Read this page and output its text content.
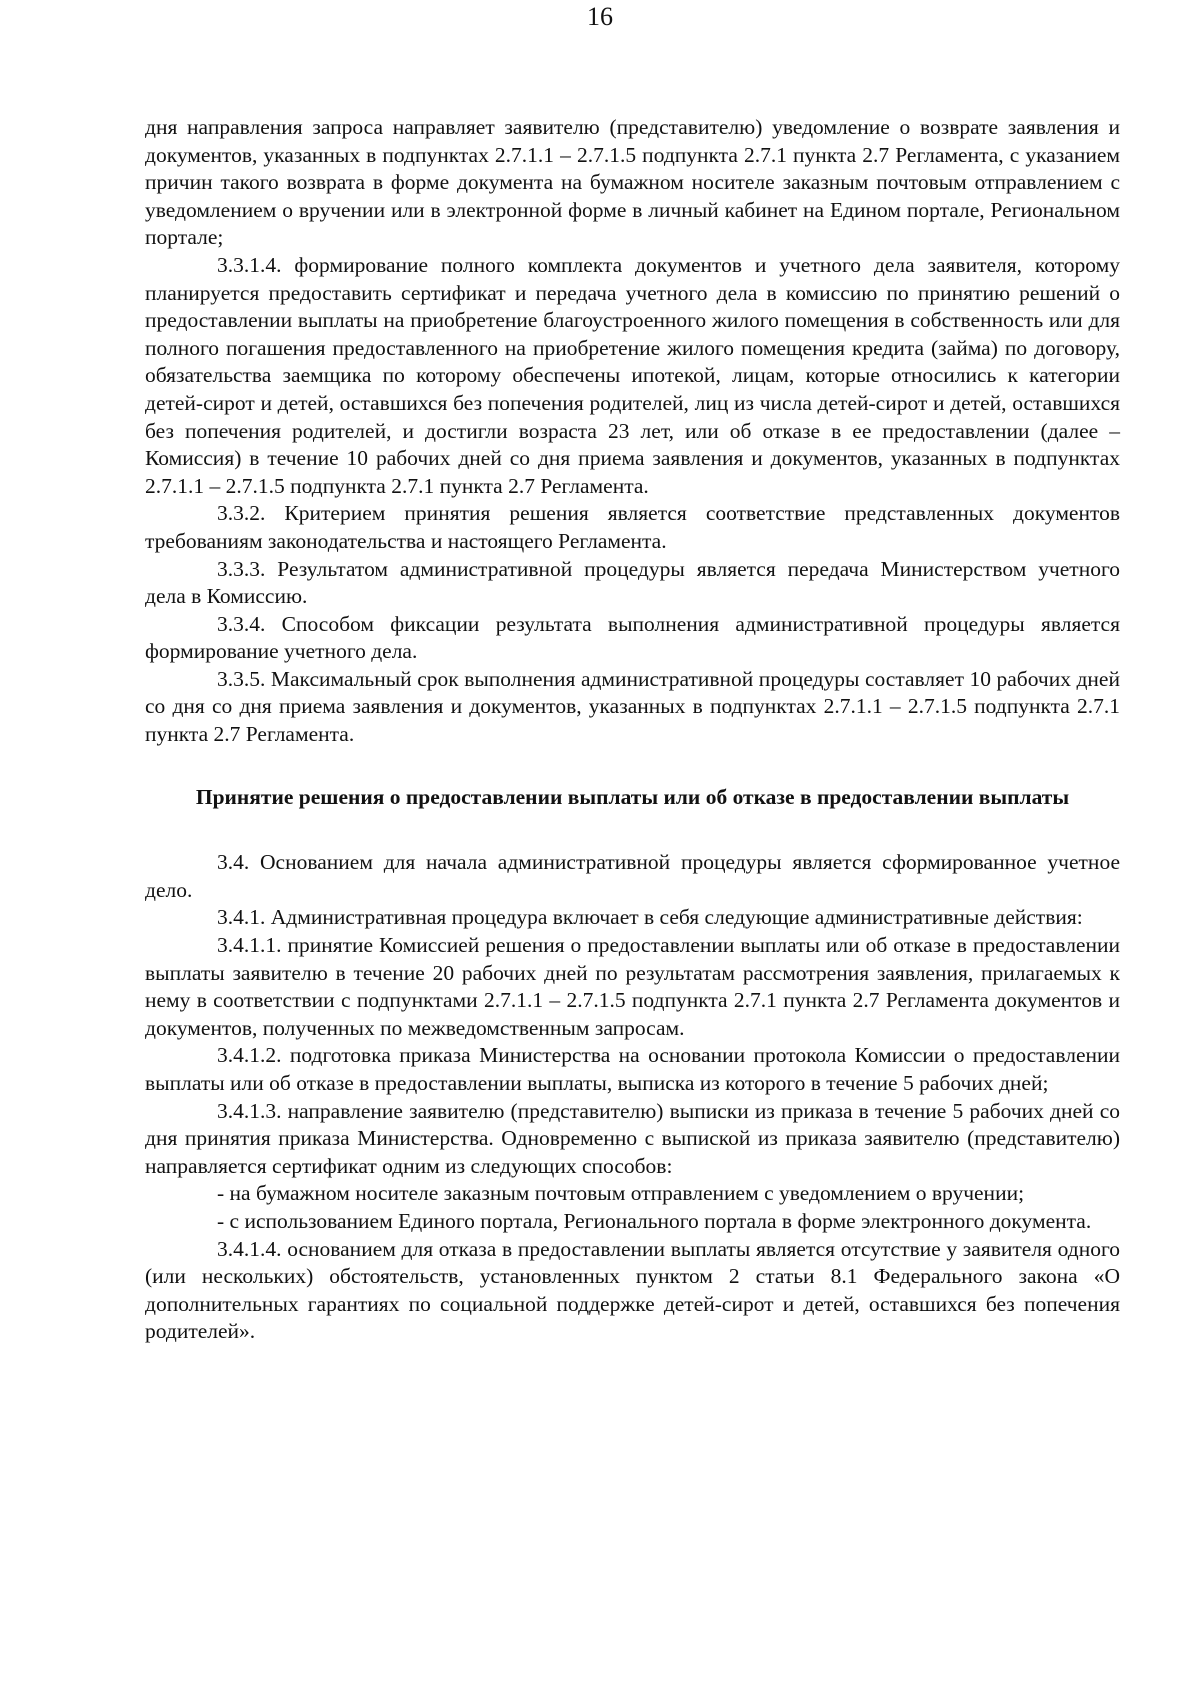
16

дня направления запроса направляет заявителю (представителю) уведомление о возврате заявления и документов, указанных в подпунктах 2.7.1.1 – 2.7.1.5 подпункта 2.7.1 пункта 2.7 Регламента, с указанием причин такого возврата в форме документа на бумажном носителе заказным почтовым отправлением с уведомлением о вручении или в электронной форме в личный кабинет на Едином портале, Региональном портале;

3.3.1.4. формирование полного комплекта документов и учетного дела заявителя, которому планируется предоставить сертификат и передача учетного дела в комиссию по принятию решений о предоставлении выплаты на приобретение благоустроенного жилого помещения в собственность или для полного погашения предоставленного на приобретение жилого помещения кредита (займа) по договору, обязательства заемщика по которому обеспечены ипотекой, лицам, которые относились к категории детей-сирот и детей, оставшихся без попечения родителей, лиц из числа детей-сирот и детей, оставшихся без попечения родителей, и достигли возраста 23 лет, или об отказе в ее предоставлении (далее – Комиссия) в течение 10 рабочих дней со дня приема заявления и документов, указанных в подпунктах 2.7.1.1 – 2.7.1.5 подпункта 2.7.1 пункта 2.7 Регламента.

3.3.2. Критерием принятия решения является соответствие представленных документов требованиям законодательства и настоящего Регламента.

3.3.3. Результатом административной процедуры является передача Министерством учетного дела в Комиссию.

3.3.4. Способом фиксации результата выполнения административной процедуры является формирование учетного дела.

3.3.5. Максимальный срок выполнения административной процедуры составляет 10 рабочих дней со дня со дня приема заявления и документов, указанных в подпунктах 2.7.1.1 – 2.7.1.5 подпункта 2.7.1 пункта 2.7 Регламента.

Принятие решения о предоставлении выплаты или об отказе в предоставлении выплаты

3.4. Основанием для начала административной процедуры является сформированное учетное дело.

3.4.1. Административная процедура включает в себя следующие административные действия:

3.4.1.1. принятие Комиссией решения о предоставлении выплаты или об отказе в предоставлении выплаты заявителю в течение 20 рабочих дней по результатам рассмотрения заявления, прилагаемых к нему в соответствии с подпунктами 2.7.1.1 – 2.7.1.5 подпункта 2.7.1 пункта 2.7 Регламента документов и документов, полученных по межведомственным запросам.

3.4.1.2. подготовка приказа Министерства на основании протокола Комиссии о предоставлении выплаты или об отказе в предоставлении выплаты, выписка из которого в течение 5 рабочих дней;

3.4.1.3. направление заявителю (представителю) выписки из приказа в течение 5 рабочих дней со дня принятия приказа Министерства. Одновременно с выпиской из приказа заявителю (представителю) направляется сертификат одним из следующих способов:

- на бумажном носителе заказным почтовым отправлением с уведомлением о вручении;

- с использованием Единого портала, Регионального портала в форме электронного документа.

3.4.1.4. основанием для отказа в предоставлении выплаты является отсутствие у заявителя одного (или нескольких) обстоятельств, установленных пунктом 2 статьи 8.1 Федерального закона «О дополнительных гарантиях по социальной поддержке детей-сирот и детей, оставшихся без попечения родителей».
